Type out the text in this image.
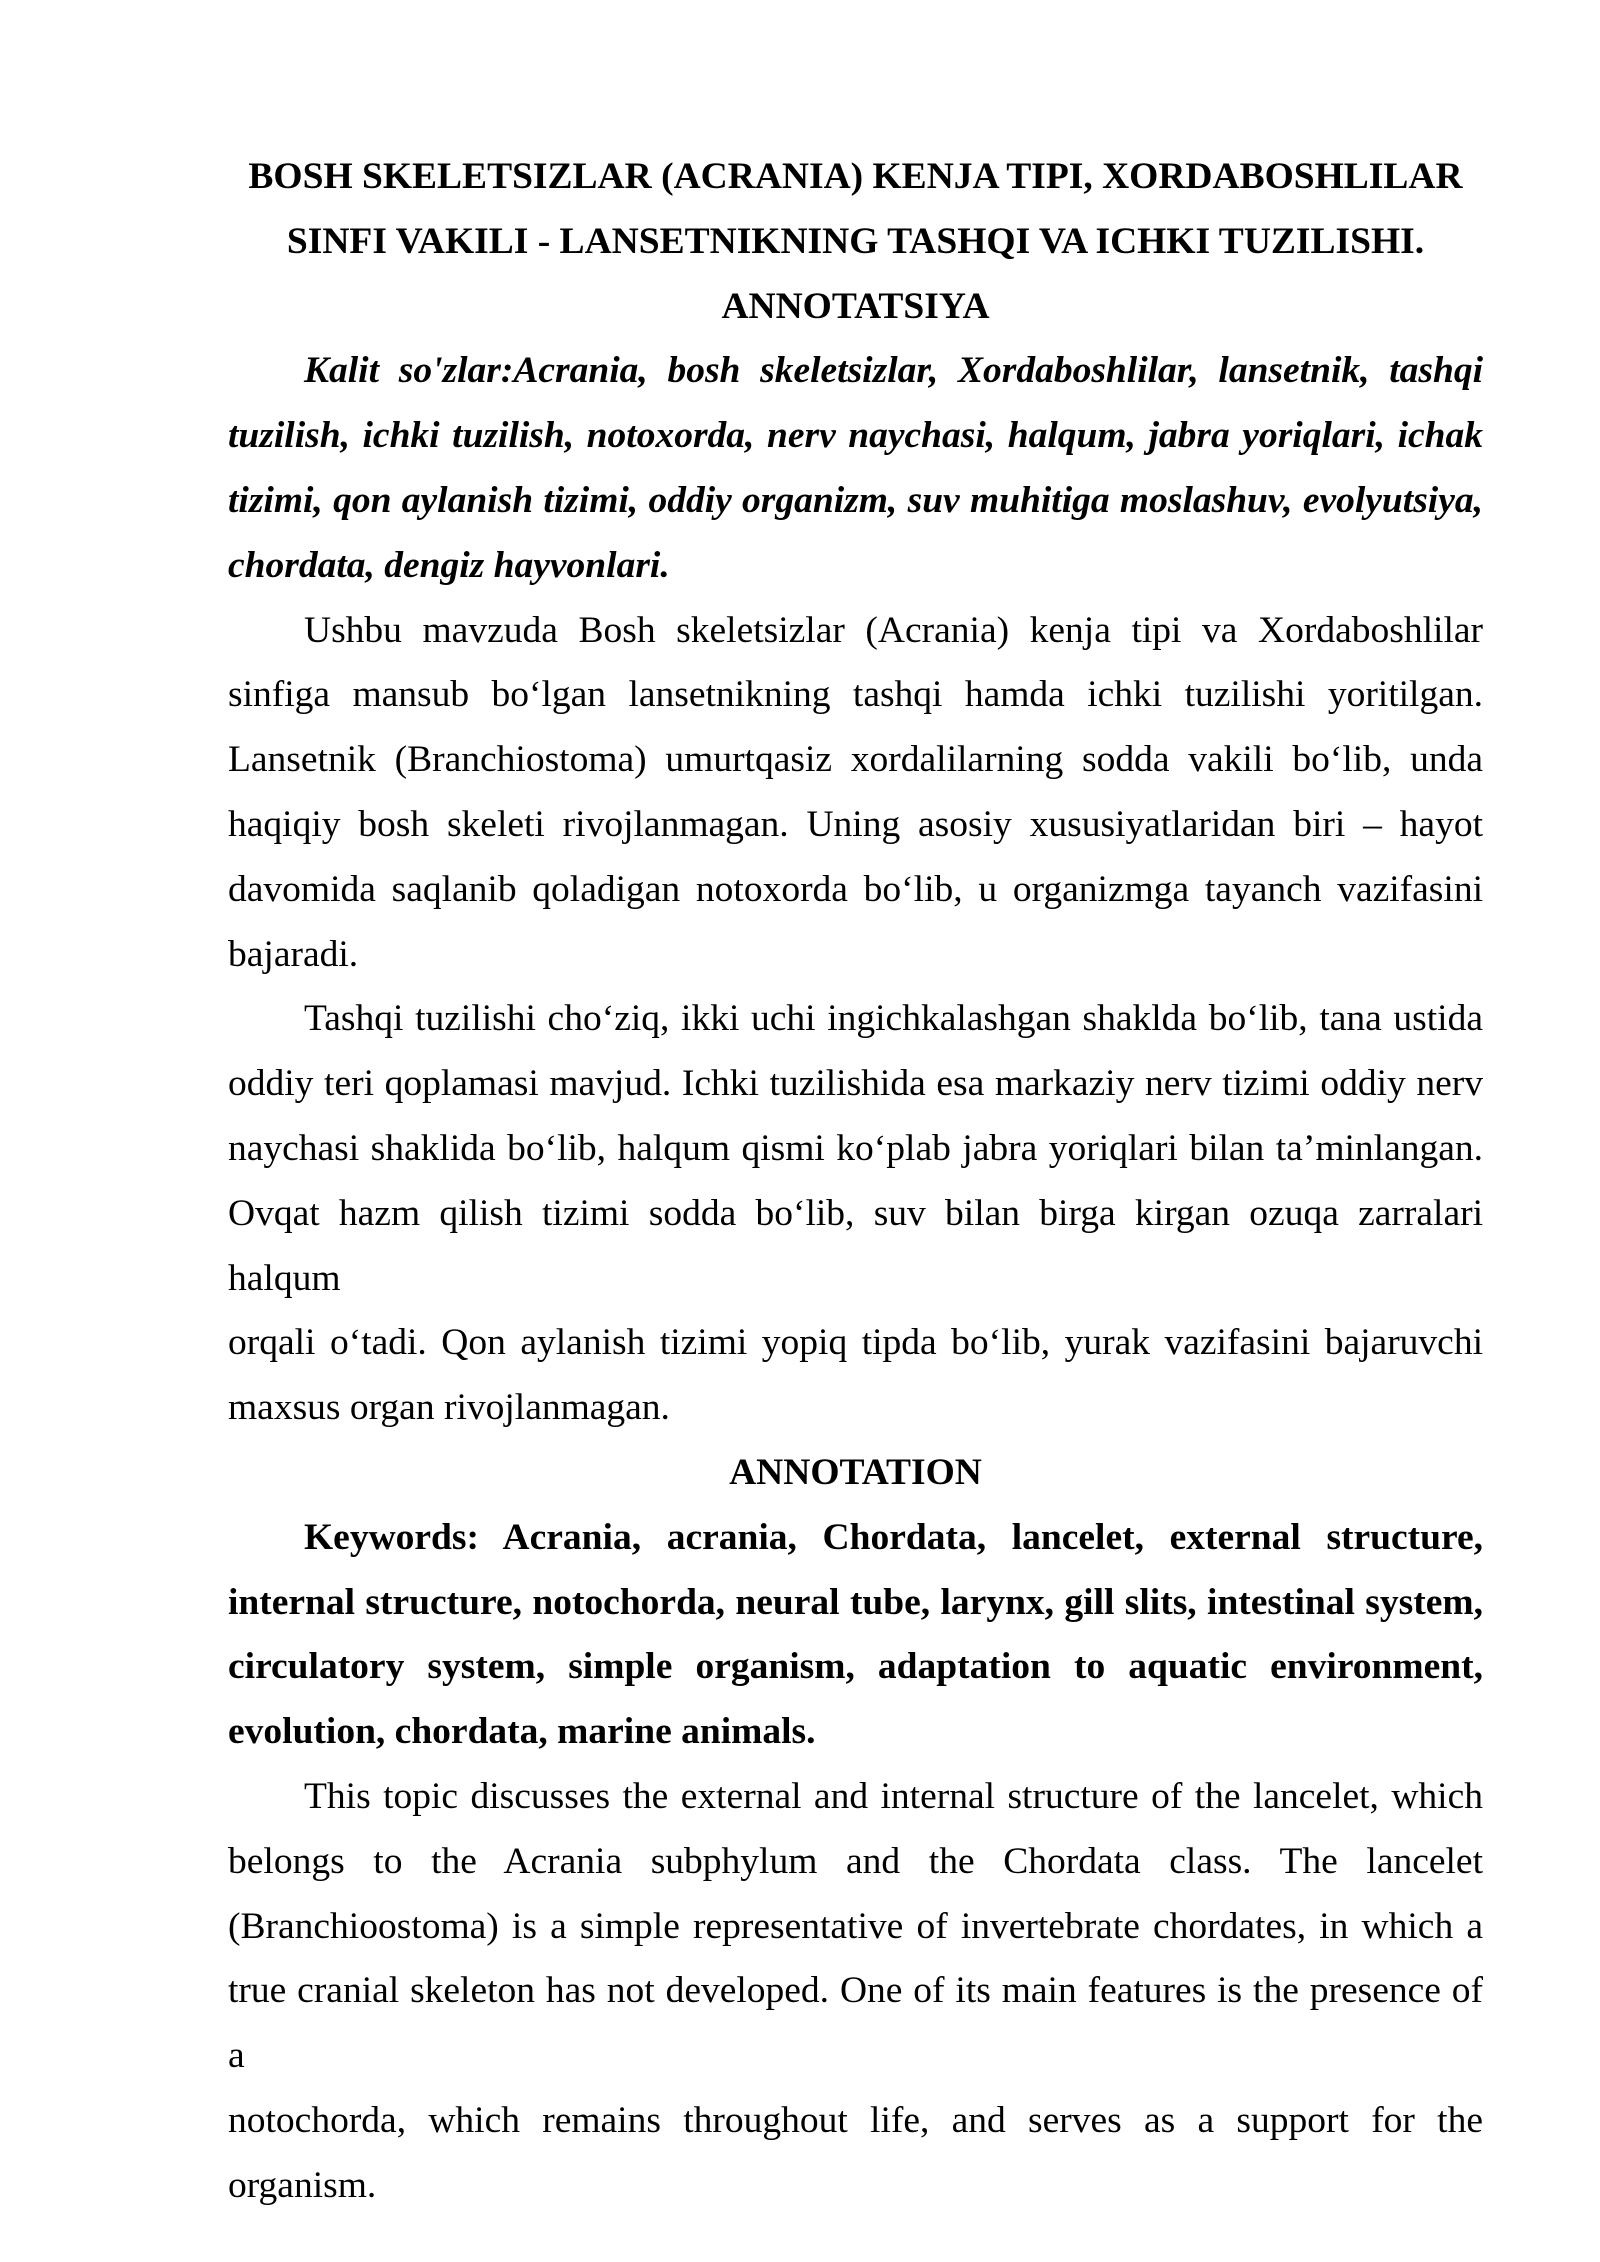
BOSH SKELETSIZLAR (ACRANIA) KENJA TIPI, XORDABOSHLILAR
SINFI VAKILI - LANSETNIKNING TASHQI VA ICHKI TUZILISHI.
ANNOTATSIYA
Kalit so'zlar:Acrania, bosh skeletsizlar, Xordaboshlilar, lansetnik, tashqi
tuzilish, ichki tuzilish, notoxorda, nerv naychasi, halqum, jabra yoriqlari, ichak
tizimi, qon aylanish tizimi, oddiy organizm, suv muhitiga moslashuv, evolyutsiya,
chordata, dengiz hayvonlari.
Ushbu mavzuda Bosh skeletsizlar (Acrania) kenja tipi va Xordaboshlilar
sinfiga mansub bo‘lgan lansetnikning tashqi hamda ichki tuzilishi yoritilgan.
Lansetnik (Branchiostoma) umurtqasiz xordalilarning sodda vakili bo‘lib, unda
haqiqiy bosh skeleti rivojlanmagan. Uning asosiy xususiyatlaridan biri – hayot
davomida saqlanib qoladigan notoxorda bo‘lib, u organizmga tayanch vazifasini
bajaradi.
Tashqi tuzilishi cho‘ziq, ikki uchi ingichkalashgan shaklda bo‘lib, tana ustida
oddiy teri qoplamasi mavjud. Ichki tuzilishida esa markaziy nerv tizimi oddiy nerv
naychasi shaklida bo‘lib, halqum qismi ko‘plab jabra yoriqlari bilan ta’minlangan.
Ovqat hazm qilish tizimi sodda bo‘lib, suv bilan birga kirgan ozuqa zarralari halqum
orqali o‘tadi. Qon aylanish tizimi yopiq tipda bo‘lib, yurak vazifasini bajaruvchi
maxsus organ rivojlanmagan.
ANNOTATION
Keywords: Acrania, acrania, Chordata, lancelet, external structure,
internal structure, notochorda, neural tube, larynx, gill slits, intestinal system,
circulatory system, simple organism, adaptation to aquatic environment,
evolution, chordata, marine animals.
This topic discusses the external and internal structure of the lancelet, which
belongs to the Acrania subphylum and the Chordata class. The lancelet
(Branchioostoma) is a simple representative of invertebrate chordates, in which a
true cranial skeleton has not developed. One of its main features is the presence of a
notochorda, which remains throughout life, and serves as a support for the
organism.
